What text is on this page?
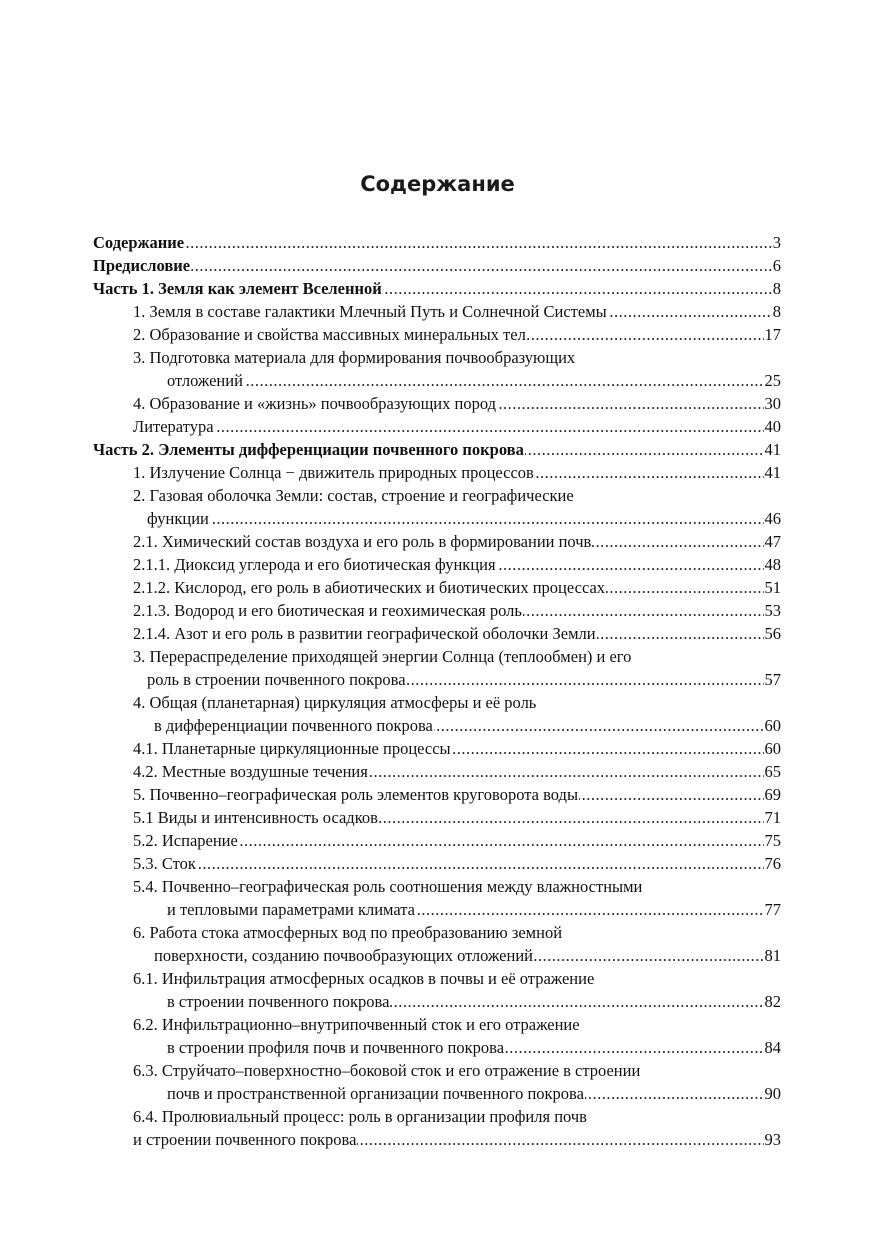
Содержание
Содержание	3
.....
Предисловие	6
.....
Часть 1. Земля как элемент Вселенной	8
.....
1. Земля в составе галактики Млечный Путь и Солнечной Системы	8
.....
2. Образование и свойства массивных минеральных тел	17
.....
3. Подготовка материала для формирования почвообразующих
отложений	25
.....
4. Образование и «жизнь» почвообразующих пород	30
.....
Литература	40
.....
Часть 2. Элементы дифференциации почвенного покрова	41
.....
1. Излучение Солнца − движитель природных процессов	41
.....
2. Газовая оболочка Земли: состав, строение и географические
функции	46
.....
2.1. Химический состав воздуха и его роль в формировании почв	47
.....
2.1.1. Диоксид углерода и его биотическая функция	48
.....
2.1.2. Кислород, его роль в абиотических и биотических процессах	51
.....
2.1.3. Водород и его биотическая и геохимическая роль	53
.....
2.1.4. Азот и его роль в развитии географической оболочки Земли	56
.....
3. Перераспределение приходящей энергии Солнца (теплообмен) и его
роль в строении почвенного покрова	57
.....
4. Общая (планетарная) циркуляция атмосферы и её роль
в дифференциации почвенного покрова	60
.....
4.1. Планетарные циркуляционные процессы	60
.....
4.2. Местные воздушные течения	65
.....
5. Почвенно–географическая роль элементов круговорота воды	69
.....
5.1 Виды и интенсивность осадков	71
.....
5.2. Испарение	75
.....
5.3. Сток	76
.....
5.4. Почвенно–географическая роль соотношения между влажностными
и тепловыми параметрами климата	77
.....
6. Работа стока атмосферных вод по преобразованию земной
поверхности, созданию почвообразующих отложений	81
.....
6.1. Инфильтрация атмосферных осадков в почвы и её отражение
в строении почвенного покрова	82
.....
6.2. Инфильтрационно–внутрипочвенный сток и его отражение
в строении профиля почв и почвенного покрова	84
.....
6.3. Струйчато–поверхностно–боковой сток и его отражение в строении
почв и пространственной организации почвенного покрова	90
.....
6.4. Пролювиальный процесс: роль в организации профиля почв
и строении почвенного покрова	93
.....
